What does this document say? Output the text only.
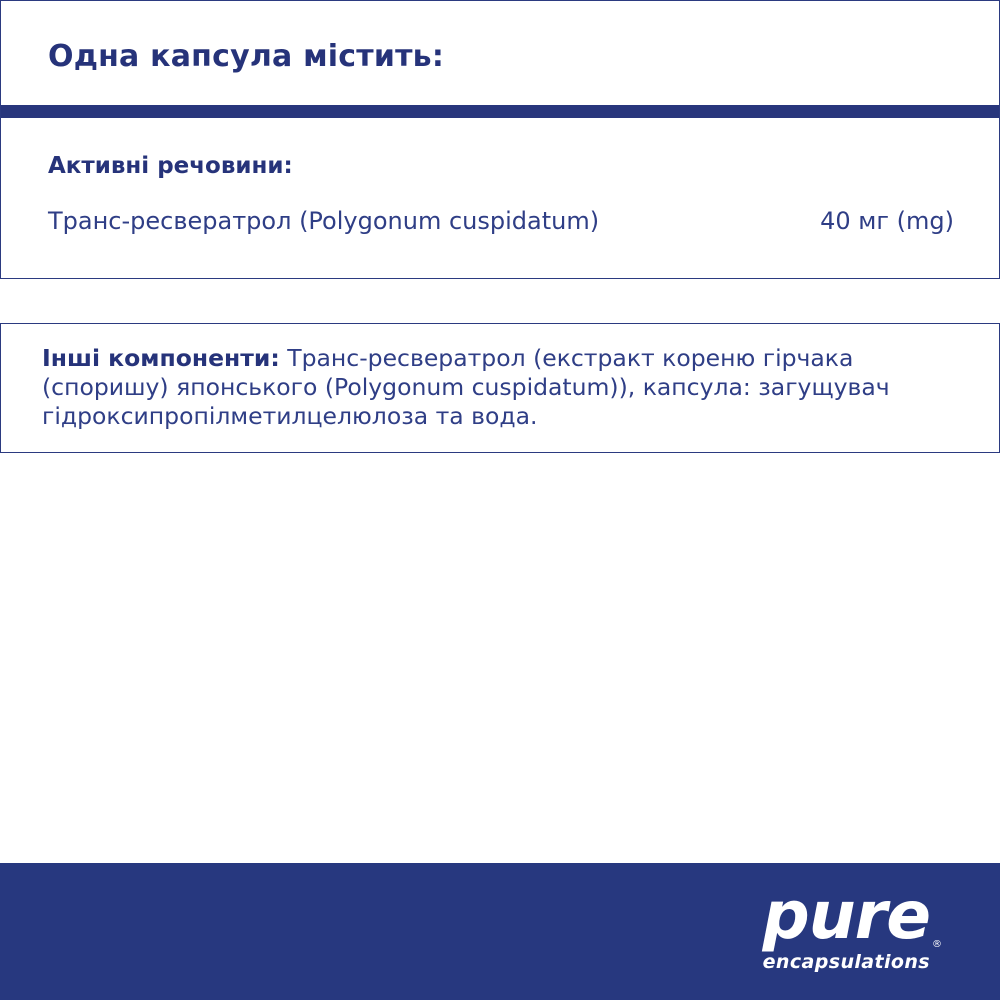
Одна капсула містить:
Активні речовини:
Транс-ресвератрол (Polygonum cuspidatum)	40 мг (mg)

Інші компоненти: Транс-ресвератрол (екстракт кореню гірчака (споришу) японського (Polygonum cuspidatum)), капсула: загущувач гідроксипропілметилцелюлоза та вода.

pure
encapsulations
®
